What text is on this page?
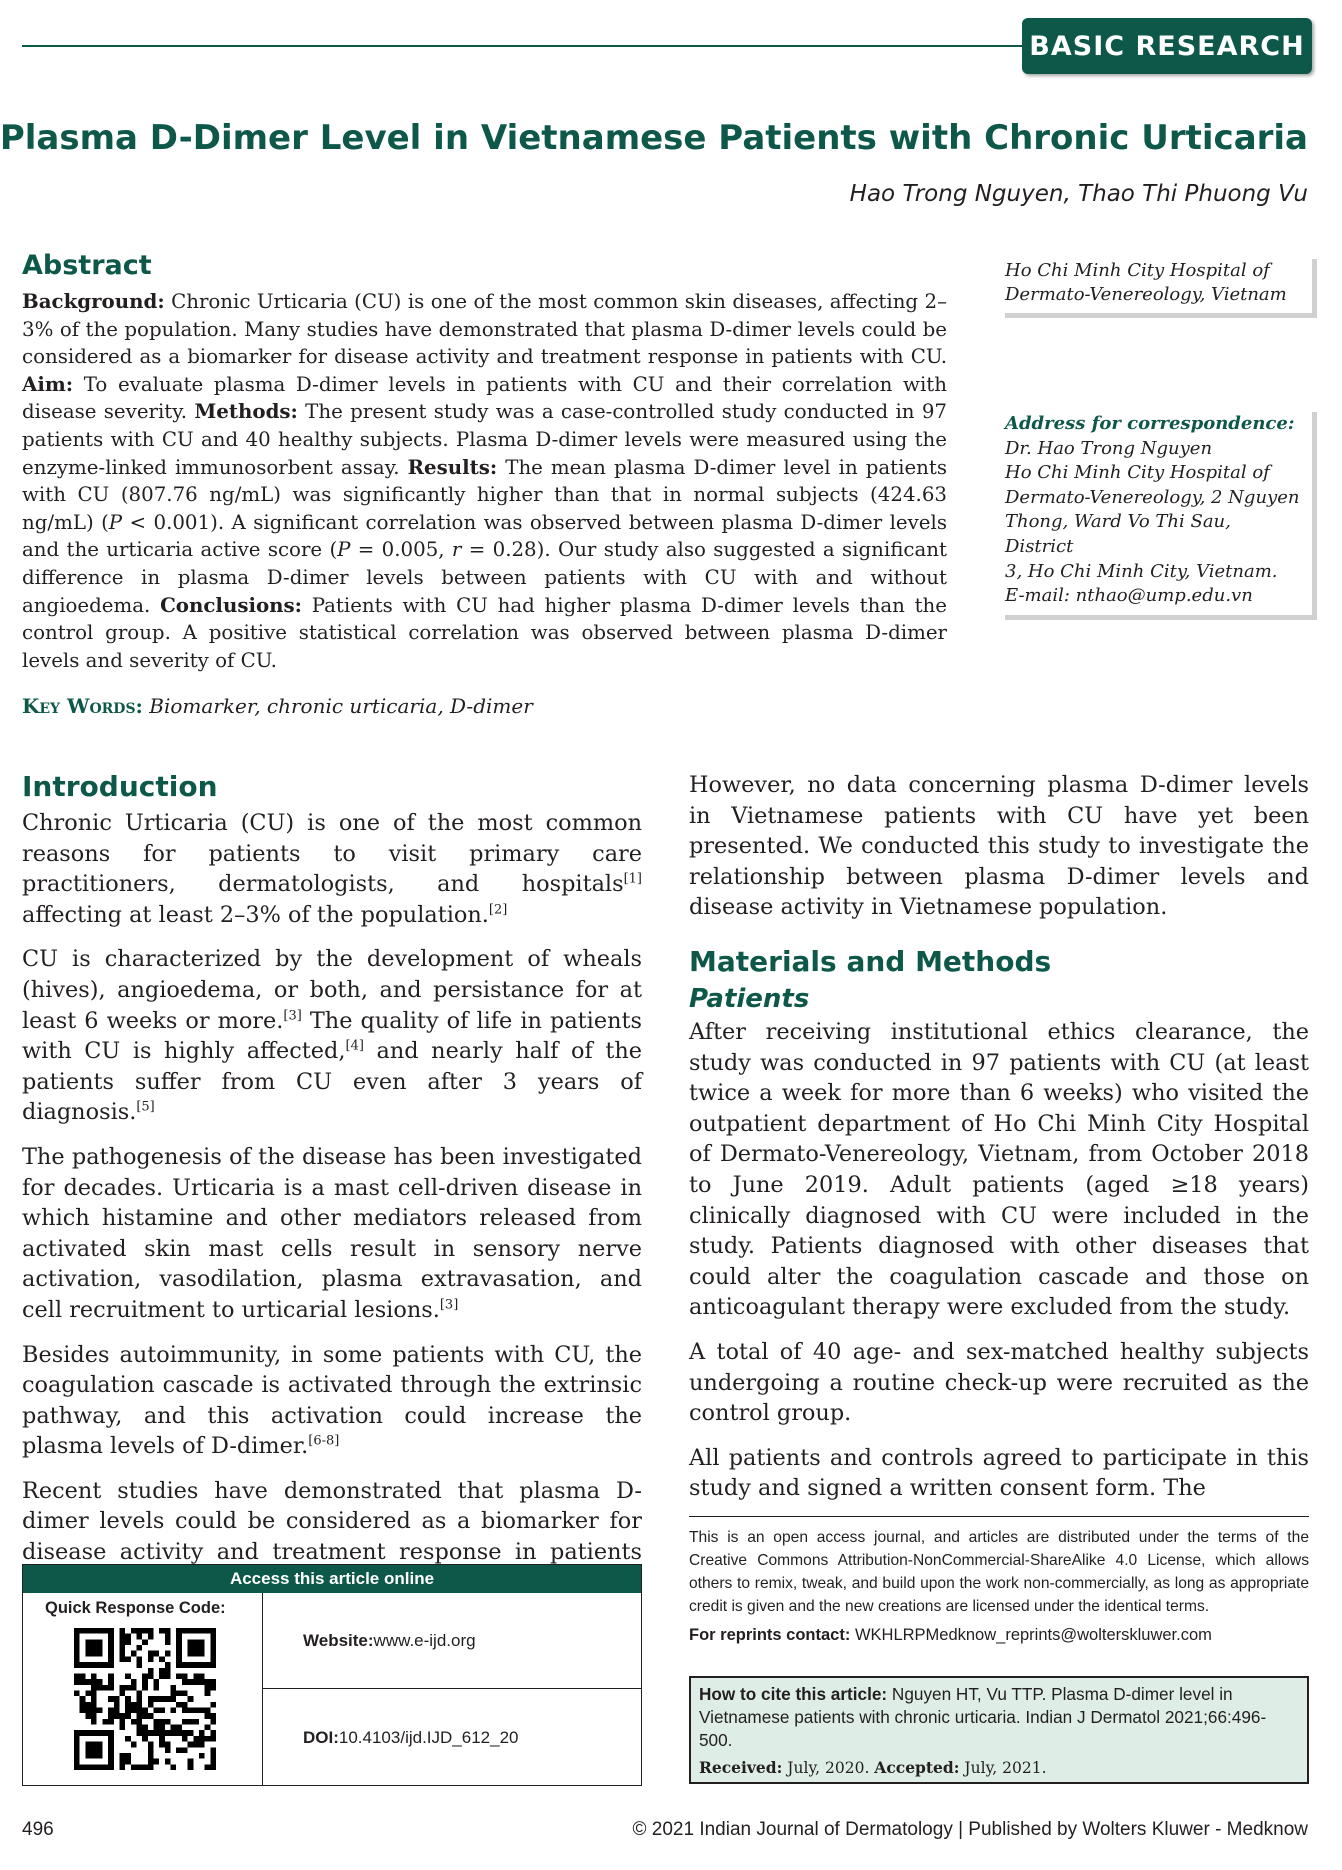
BASIC RESEARCH
Plasma D-Dimer Level in Vietnamese Patients with Chronic Urticaria
Hao Trong Nguyen, Thao Thi Phuong Vu
Abstract
Background: Chronic Urticaria (CU) is one of the most common skin diseases, affecting 2–3% of the population. Many studies have demonstrated that plasma D-dimer levels could be considered as a biomarker for disease activity and treatment response in patients with CU. Aim: To evaluate plasma D-dimer levels in patients with CU and their correlation with disease severity. Methods: The present study was a case-controlled study conducted in 97 patients with CU and 40 healthy subjects. Plasma D-dimer levels were measured using the enzyme-linked immunosorbent assay. Results: The mean plasma D-dimer level in patients with CU (807.76 ng/mL) was significantly higher than that in normal subjects (424.63 ng/mL) (P < 0.001). A significant correlation was observed between plasma D-dimer levels and the urticaria active score (P = 0.005, r = 0.28). Our study also suggested a significant difference in plasma D-dimer levels between patients with CU with and without angioedema. Conclusions: Patients with CU had higher plasma D-dimer levels than the control group. A positive statistical correlation was observed between plasma D-dimer levels and severity of CU.
Key Words: Biomarker, chronic urticaria, D-dimer
Ho Chi Minh City Hospital of
Dermato-Venereology, Vietnam
Address for correspondence:
Dr. Hao Trong Nguyen
Ho Chi Minh City Hospital of
Dermato-Venereology, 2 Nguyen
Thong, Ward Vo Thi Sau, District
3, Ho Chi Minh City, Vietnam.
E-mail: nthao@ump.edu.vn
Introduction

Chronic Urticaria (CU) is one of the most common reasons for patients to visit primary care practitioners, dermatologists, and hospitals[1] affecting at least 2–3% of the population.[2]

CU is characterized by the development of wheals (hives), angioedema, or both, and persistance for at least 6 weeks or more.[3] The quality of life in patients with CU is highly affected,[4] and nearly half of the patients suffer from CU even after 3 years of diagnosis.[5]

The pathogenesis of the disease has been investigated for decades. Urticaria is a mast cell-driven disease in which histamine and other mediators released from activated skin mast cells result in sensory nerve activation, vasodilation, plasma extravasation, and cell recruitment to urticarial lesions.[3]

Besides autoimmunity, in some patients with CU, the coagulation cascade is activated through the extrinsic pathway, and this activation could increase the plasma levels of D-dimer.[6-8]

Recent studies have demonstrated that plasma D-dimer levels could be considered as a biomarker for disease activity and treatment response in patients

However, no data concerning plasma D-dimer levels in Vietnamese patients with CU have yet been presented. We conducted this study to investigate the relationship between plasma D-dimer levels and disease activity in Vietnamese population.

Materials and Methods
Patients

After receiving institutional ethics clearance, the study was conducted in 97 patients with CU (at least twice a week for more than 6 weeks) who visited the outpatient department of Ho Chi Minh City Hospital of Dermato-Venereology, Vietnam, from October 2018 to June 2019. Adult patients (aged ≥18 years) clinically diagnosed with CU were included in the study. Patients diagnosed with other diseases that could alter the coagulation cascade and those on anticoagulant therapy were excluded from the study.

A total of 40 age- and sex-matched healthy subjects undergoing a routine check-up were recruited as the control group.

All patients and controls agreed to participate in this study and signed a written consent form. The

This is an open access journal, and articles are distributed under the terms of the Creative Commons Attribution-NonCommercial-ShareAlike 4.0 License, which allows others to remix, tweak, and build upon the work non-commercially, as long as appropriate credit is given and the new creations are licensed under the identical terms.
For reprints contact: WKHLRPMedknow_reprints@wolterskluwer.com
How to cite this article: Nguyen HT, Vu TTP. Plasma D-dimer level in Vietnamese patients with chronic urticaria. Indian J Dermatol 2021;66:496-500.
Received: July, 2020. Accepted: July, 2021.
Access this article online
Quick Response Code:
Website: www.e-ijd.org
DOI: 10.4103/ijd.IJD_612_20
496	© 2021 Indian Journal of Dermatology | Published by Wolters Kluwer - Medknow
